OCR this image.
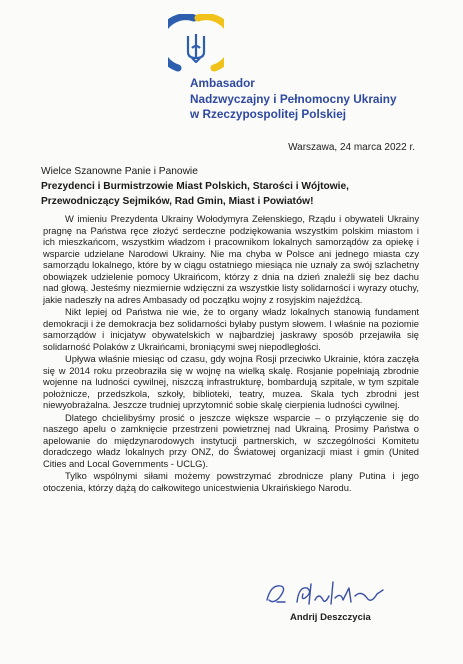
Ambasador
Nadzwyczajny i Pełnomocny Ukrainy
w Rzeczypospolitej Polskiej
Warszawa, 24 marca 2022 r.
Wielce Szanowne Panie i Panowie
Prezydenci i Burmistrzowie Miast Polskich, Starości i Wójtowie,
Przewodniczący Sejmików, Rad Gmin, Miast i Powiatów!

W imieniu Prezydenta Ukrainy Wołodymyra Zełenskiego, Rządu i obywateli Ukrainy pragnę na Państwa ręce złożyć serdeczne podziękowania wszystkim polskim miastom i ich mieszkańcom, wszystkim władzom i pracownikom lokalnych samorządów za opiekę i wsparcie udzielane Narodowi Ukrainy. Nie ma chyba w Polsce ani jednego miasta czy samorządu lokalnego, które by w ciągu ostatniego miesiąca nie uznały za swój szlachetny obowiązek udzielenie pomocy Ukraińcom, którzy z dnia na dzień znaleźli się bez dachu nad głową. Jesteśmy niezmiernie wdzięczni za wszystkie listy solidarności i wyrazy otuchy, jakie nadeszły na adres Ambasady od początku wojny z rosyjskim najeźdźcą.

Nikt lepiej od Państwa nie wie, że to organy władz lokalnych stanowią fundament demokracji i że demokracja bez solidarności byłaby pustym słowem. I właśnie na poziomie samorządów i inicjatyw obywatelskich w najbardziej jaskrawy sposób przejawiła się solidarność Polaków z Ukraińcami, broniącymi swej niepodległości.

Upływa właśnie miesiąc od czasu, gdy wojna Rosji przeciwko Ukrainie, która zaczęła się w 2014 roku przeobraziła się w wojnę na wielką skalę. Rosjanie popełniają zbrodnie wojenne na ludności cywilnej, niszczą infrastrukturę, bombardują szpitale, w tym szpitale położnicze, przedszkola, szkoły, biblioteki, teatry, muzea. Skala tych zbrodni jest niewyobrażalna. Jeszcze trudniej uprzytomnić sobie skalę cierpienia ludności cywilnej.

Dlatego chcielibyśmy prosić o jeszcze większe wsparcie – o przyłączenie się do naszego apelu o zamknięcie przestrzeni powietrznej nad Ukrainą. Prosimy Państwa o apelowanie do międzynarodowych instytucji partnerskich, w szczególności Komitetu doradczego władz lokalnych przy ONZ, do Światowej organizacji miast i gmin (United Cities and Local Governments - UCLG).

Tylko wspólnymi siłami możemy powstrzymać zbrodnicze plany Putina i jego otoczenia, którzy dążą do całkowitego unicestwienia Ukraińskiego Narodu.

Andrij Deszczycia
